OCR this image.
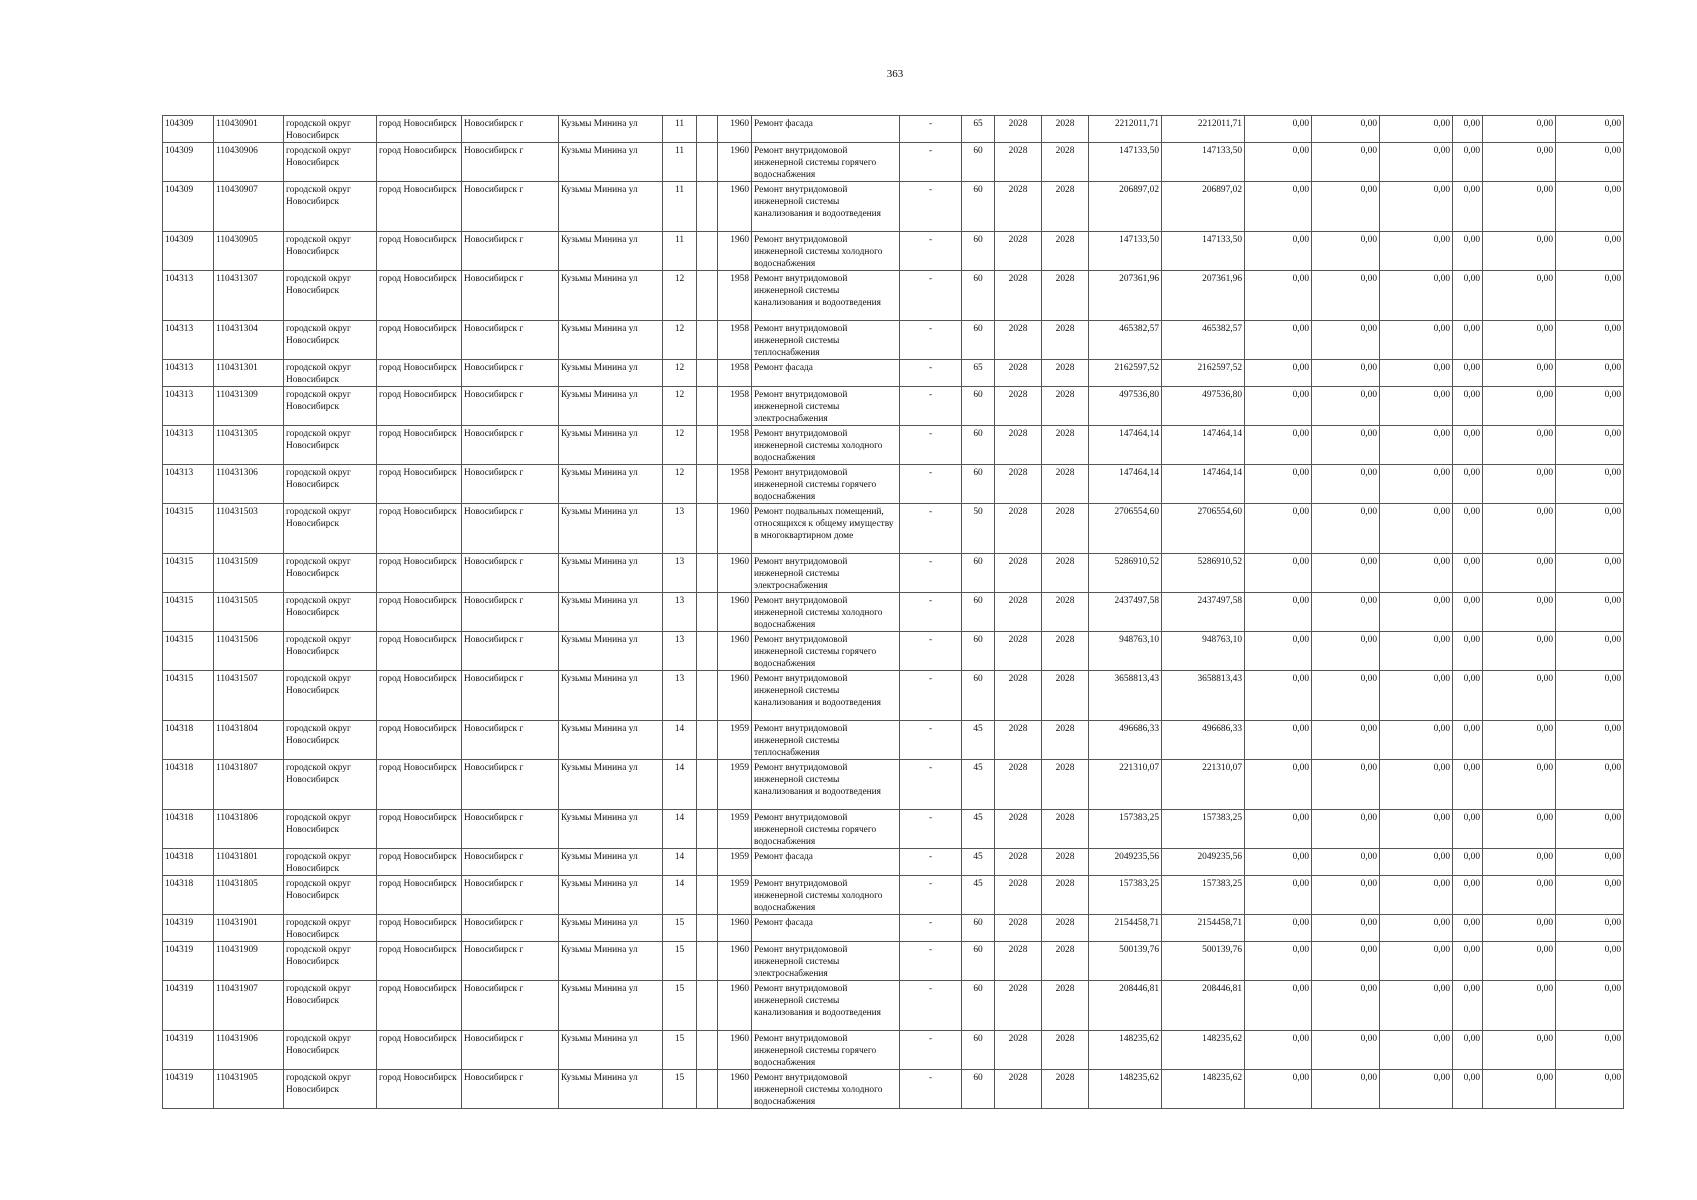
363
104309	110430901	городской округ Новосибирск	город Новосибирск	Новосибирск г	Кузьмы Минина ул	11		1960	Ремонт фасада	-	65	2028	2028	2212011,71	2212011,71	0,00	0,00	0,00	0,00	0,00	0,00
104309	110430906	городской округ Новосибирск	город Новосибирск	Новосибирск г	Кузьмы Минина ул	11		1960	Ремонт внутридомовой инженерной системы горячего водоснабжения	-	60	2028	2028	147133,50	147133,50	0,00	0,00	0,00	0,00	0,00	0,00
104309	110430907	городской округ Новосибирск	город Новосибирск	Новосибирск г	Кузьмы Минина ул	11		1960	Ремонт внутридомовой инженерной системы канализования и водоотведения	-	60	2028	2028	206897,02	206897,02	0,00	0,00	0,00	0,00	0,00	0,00
104309	110430905	городской округ Новосибирск	город Новосибирск	Новосибирск г	Кузьмы Минина ул	11		1960	Ремонт внутридомовой инженерной системы холодного водоснабжения	-	60	2028	2028	147133,50	147133,50	0,00	0,00	0,00	0,00	0,00	0,00
104313	110431307	городской округ Новосибирск	город Новосибирск	Новосибирск г	Кузьмы Минина ул	12		1958	Ремонт внутридомовой инженерной системы канализования и водоотведения	-	60	2028	2028	207361,96	207361,96	0,00	0,00	0,00	0,00	0,00	0,00
104313	110431304	городской округ Новосибирск	город Новосибирск	Новосибирск г	Кузьмы Минина ул	12		1958	Ремонт внутридомовой инженерной системы теплоснабжения	-	60	2028	2028	465382,57	465382,57	0,00	0,00	0,00	0,00	0,00	0,00
104313	110431301	городской округ Новосибирск	город Новосибирск	Новосибирск г	Кузьмы Минина ул	12		1958	Ремонт фасада	-	65	2028	2028	2162597,52	2162597,52	0,00	0,00	0,00	0,00	0,00	0,00
104313	110431309	городской округ Новосибирск	город Новосибирск	Новосибирск г	Кузьмы Минина ул	12		1958	Ремонт внутридомовой инженерной системы электроснабжения	-	60	2028	2028	497536,80	497536,80	0,00	0,00	0,00	0,00	0,00	0,00
104313	110431305	городской округ Новосибирск	город Новосибирск	Новосибирск г	Кузьмы Минина ул	12		1958	Ремонт внутридомовой инженерной системы холодного водоснабжения	-	60	2028	2028	147464,14	147464,14	0,00	0,00	0,00	0,00	0,00	0,00
104313	110431306	городской округ Новосибирск	город Новосибирск	Новосибирск г	Кузьмы Минина ул	12		1958	Ремонт внутридомовой инженерной системы горячего водоснабжения	-	60	2028	2028	147464,14	147464,14	0,00	0,00	0,00	0,00	0,00	0,00
104315	110431503	городской округ Новосибирск	город Новосибирск	Новосибирск г	Кузьмы Минина ул	13		1960	Ремонт подвальных помещений, относящихся к общему имуществу в многоквартирном доме	-	50	2028	2028	2706554,60	2706554,60	0,00	0,00	0,00	0,00	0,00	0,00
104315	110431509	городской округ Новосибирск	город Новосибирск	Новосибирск г	Кузьмы Минина ул	13		1960	Ремонт внутридомовой инженерной системы электроснабжения	-	60	2028	2028	5286910,52	5286910,52	0,00	0,00	0,00	0,00	0,00	0,00
104315	110431505	городской округ Новосибирск	город Новосибирск	Новосибирск г	Кузьмы Минина ул	13		1960	Ремонт внутридомовой инженерной системы холодного водоснабжения	-	60	2028	2028	2437497,58	2437497,58	0,00	0,00	0,00	0,00	0,00	0,00
104315	110431506	городской округ Новосибирск	город Новосибирск	Новосибирск г	Кузьмы Минина ул	13		1960	Ремонт внутридомовой инженерной системы горячего водоснабжения	-	60	2028	2028	948763,10	948763,10	0,00	0,00	0,00	0,00	0,00	0,00
104315	110431507	городской округ Новосибирск	город Новосибирск	Новосибирск г	Кузьмы Минина ул	13		1960	Ремонт внутридомовой инженерной системы канализования и водоотведения	-	60	2028	2028	3658813,43	3658813,43	0,00	0,00	0,00	0,00	0,00	0,00
104318	110431804	городской округ Новосибирск	город Новосибирск	Новосибирск г	Кузьмы Минина ул	14		1959	Ремонт внутридомовой инженерной системы теплоснабжения	-	45	2028	2028	496686,33	496686,33	0,00	0,00	0,00	0,00	0,00	0,00
104318	110431807	городской округ Новосибирск	город Новосибирск	Новосибирск г	Кузьмы Минина ул	14		1959	Ремонт внутридомовой инженерной системы канализования и водоотведения	-	45	2028	2028	221310,07	221310,07	0,00	0,00	0,00	0,00	0,00	0,00
104318	110431806	городской округ Новосибирск	город Новосибирск	Новосибирск г	Кузьмы Минина ул	14		1959	Ремонт внутридомовой инженерной системы горячего водоснабжения	-	45	2028	2028	157383,25	157383,25	0,00	0,00	0,00	0,00	0,00	0,00
104318	110431801	городской округ Новосибирск	город Новосибирск	Новосибирск г	Кузьмы Минина ул	14		1959	Ремонт фасада	-	45	2028	2028	2049235,56	2049235,56	0,00	0,00	0,00	0,00	0,00	0,00
104318	110431805	городской округ Новосибирск	город Новосибирск	Новосибирск г	Кузьмы Минина ул	14		1959	Ремонт внутридомовой инженерной системы холодного водоснабжения	-	45	2028	2028	157383,25	157383,25	0,00	0,00	0,00	0,00	0,00	0,00
104319	110431901	городской округ Новосибирск	город Новосибирск	Новосибирск г	Кузьмы Минина ул	15		1960	Ремонт фасада	-	60	2028	2028	2154458,71	2154458,71	0,00	0,00	0,00	0,00	0,00	0,00
104319	110431909	городской округ Новосибирск	город Новосибирск	Новосибирск г	Кузьмы Минина ул	15		1960	Ремонт внутридомовой инженерной системы электроснабжения	-	60	2028	2028	500139,76	500139,76	0,00	0,00	0,00	0,00	0,00	0,00
104319	110431907	городской округ Новосибирск	город Новосибирск	Новосибирск г	Кузьмы Минина ул	15		1960	Ремонт внутридомовой инженерной системы канализования и водоотведения	-	60	2028	2028	208446,81	208446,81	0,00	0,00	0,00	0,00	0,00	0,00
104319	110431906	городской округ Новосибирск	город Новосибирск	Новосибирск г	Кузьмы Минина ул	15		1960	Ремонт внутридомовой инженерной системы горячего водоснабжения	-	60	2028	2028	148235,62	148235,62	0,00	0,00	0,00	0,00	0,00	0,00
104319	110431905	городской округ Новосибирск	город Новосибирск	Новосибирск г	Кузьмы Минина ул	15		1960	Ремонт внутридомовой инженерной системы холодного водоснабжения	-	60	2028	2028	148235,62	148235,62	0,00	0,00	0,00	0,00	0,00	0,00
